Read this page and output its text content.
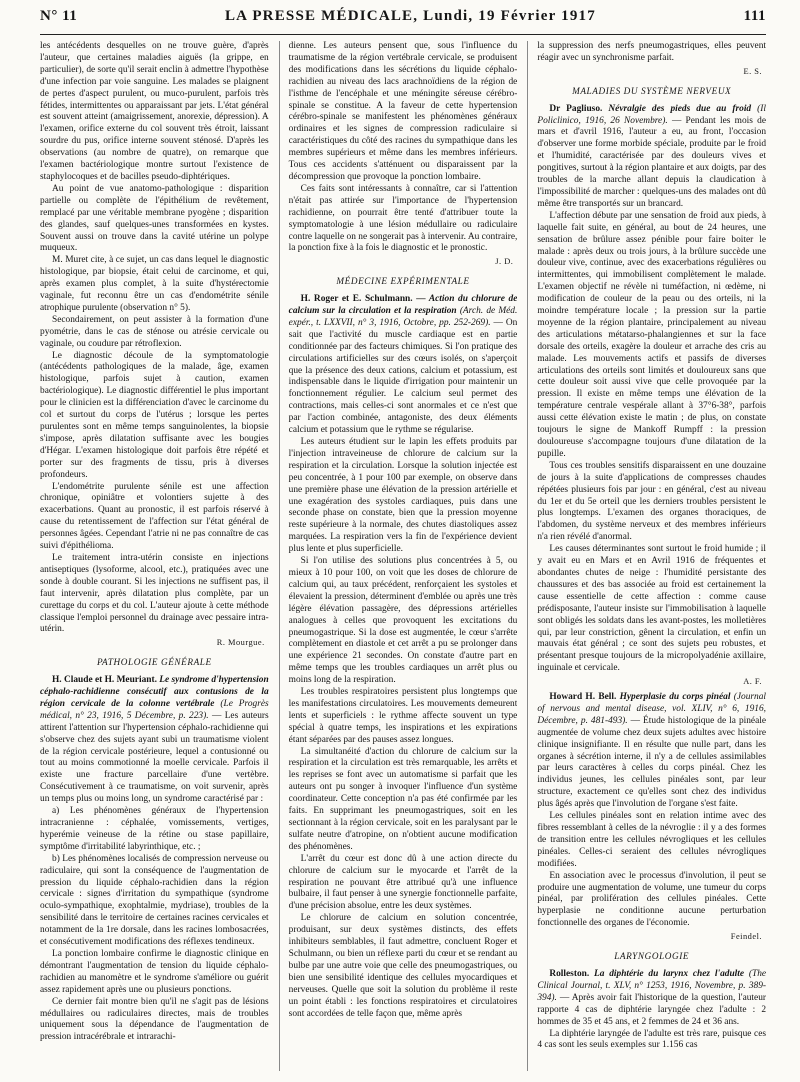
N° 11	LA PRESSE MÉDICALE, Lundi, 19 Février 1917	111

les antécédents desquelles on ne trouve guère, d'après l'auteur, que certaines maladies aiguës (la grippe, en particulier), de sorte qu'il serait enclin à admettre l'hypothèse d'une infection par voie sanguine. Les malades se plaignent de pertes d'aspect purulent, ou muco-purulent, parfois très fétides, intermittentes ou apparaissant par jets. L'état général est souvent atteint (amaigrissement, anorexie, dépression). A l'examen, orifice externe du col souvent très étroit, laissant sourdre du pus, orifice interne souvent sténosé. D'après les observations (au nombre de quatre), on remarque que l'examen bactériologique montre surtout l'existence de staphylocoques et de bacilles pseudo-diphtériques.

Au point de vue anatomo-pathologique : disparition partielle ou complète de l'épithélium de revêtement, remplacé par une véritable membrane pyogène ; disparition des glandes, sauf quelques-unes transformées en kystes. Souvent aussi on trouve dans la cavité utérine un polype muqueux.

M. Muret cite, à ce sujet, un cas dans lequel le diagnostic histologique, par biopsie, était celui de carcinome, et qui, après examen plus complet, à la suite d'hystérectomie vaginale, fut reconnu être un cas d'endométrite sénile atrophique purulente (observation n° 5).

Secondairement, on peut assister à la formation d'une pyométrie, dans le cas de sténose ou atrésie cervicale ou vaginale, ou coudure par rétroflexion.

Le diagnostic découle de la symptomatologie (antécédents pathologiques de la malade, âge, examen histologique, parfois sujet à caution, examen bactériologique). Le diagnostic différentiel le plus important pour le clinicien est la différenciation d'avec le carcinome du col et surtout du corps de l'utérus ; lorsque les pertes purulentes sont en même temps sanguinolentes, la biopsie s'impose, après dilatation suffisante avec les bougies d'Hégar. L'examen histologique doit parfois être répété et porter sur des fragments de tissu, pris à diverses profondeurs.

L'endométrite purulente sénile est une affection chronique, opiniâtre et volontiers sujette à des exacerbations. Quant au pronostic, il est parfois réservé à cause du retentissement de l'affection sur l'état général de personnes âgées. Cependant l'atrie ni ne pas connaître de cas suivi d'épithélioma.

Le traitement intra-utérin consiste en injections antiseptiques (lysoforme, alcool, etc.), pratiquées avec une sonde à double courant. Si les injections ne suffisent pas, il faut intervenir, après dilatation plus complète, par un curettage du corps et du col. L'auteur ajoute à cette méthode classique l'emploi personnel du drainage avec pessaire intra-utérin.

R. Mourgue.
PATHOLOGIE GÉNÉRALE

H. Claude et H. Meuriant. Le syndrome d'hypertension céphalo-rachidienne consécutif aux contusions de la région cervicale de la colonne vertébrale (Le Progrès médical, n° 23, 1916, 5 Décembre, p. 223). — Les auteurs attirent l'attention sur l'hypertension céphalo-rachidienne qui s'observe chez des sujets ayant subi un traumatisme violent de la région cervicale postérieure, lequel a contusionné ou tout au moins commotionné la moelle cervicale. Parfois il existe une fracture parcellaire d'une vertèbre. Consécutivement à ce traumatisme, on voit survenir, après un temps plus ou moins long, un syndrome caractérisé par :

a) Les phénomènes généraux de l'hypertension intracranienne : céphalée, vomissements, vertiges, hyperémie veineuse de la rétine ou stase papillaire, symptôme d'irritabilité labyrinthique, etc. ;

b) Les phénomènes localisés de compression nerveuse ou radiculaire, qui sont la conséquence de l'augmentation de pression du liquide céphalo-rachidien dans la région cervicale : signes d'irritation du sympathique (syndrome oculo-sympathique, exophtalmie, mydriase), troubles de la sensibilité dans le territoire de certaines racines cervicales et notamment de la 1re dorsale, dans les racines lombosacrées, et consécutivement modifications des réflexes tendineux.

La ponction lombaire confirme le diagnostic clinique en démontrant l'augmentation de tension du liquide céphalo-rachidien au manomètre et le syndrome s'améliore ou guérit assez rapidement après une ou plusieurs ponctions.

Ce dernier fait montre bien qu'il ne s'agit pas de lésions médullaires ou radiculaires directes, mais de troubles uniquement sous la dépendance de l'augmentation de pression intracérébrale et intrarachi-

dienne. Les auteurs pensent que, sous l'influence du traumatisme de la région vertébrale cervicale, se produisent des modifications dans les sécrétions du liquide céphalo-rachidien au niveau des lacs arachnoïdiens de la région de l'isthme de l'encéphale et une méningite séreuse cérébro-spinale se constitue. A la faveur de cette hypertension cérébro-spinale se manifestent les phénomènes généraux ordinaires et les signes de compression radiculaire si caractéristiques du côté des racines du sympathique dans les membres supérieurs et même dans les membres inférieurs. Tous ces accidents s'atténuent ou disparaissent par la décompression que provoque la ponction lombaire.

Ces faits sont intéressants à connaître, car si l'attention n'était pas attirée sur l'importance de l'hypertension rachidienne, on pourrait être tenté d'attribuer toute la symptomatologie à une lésion médullaire ou radiculaire contre laquelle on ne songerait pas à intervenir. Au contraire, la ponction fixe à la fois le diagnostic et le pronostic.

J. D.
MÉDECINE EXPÉRIMENTALE

H. Roger et E. Schulmann. — Action du chlorure de calcium sur la circulation et la respiration (Arch. de Méd. expér., t. LXXVII, n° 3, 1916, Octobre, pp. 252-269). — On sait que l'activité du muscle cardiaque est en partie conditionnée par des facteurs chimiques. Si l'on pratique des circulations artificielles sur des cœurs isolés, on s'aperçoit que la présence des deux cations, calcium et potassium, est indispensable dans le liquide d'irrigation pour maintenir un fonctionnement régulier. Le calcium seul permet des contractions, mais celles-ci sont anormales et ce n'est que par l'action combinée, antagoniste, des deux éléments calcium et potassium que le rythme se régularise.

Les auteurs étudient sur le lapin les effets produits par l'injection intraveineuse de chlorure de calcium sur la respiration et la circulation. Lorsque la solution injectée est peu concentrée, à 1 pour 100 par exemple, on observe dans une première phase une élévation de la pression artérielle et une exagération des systoles cardiaques, puis dans une seconde phase on constate, bien que la pression moyenne reste supérieure à la normale, des chutes diastoliques assez marquées. La respiration vers la fin de l'expérience devient plus lente et plus superficielle.

Si l'on utilise des solutions plus concentrées à 5, ou mieux à 10 pour 100, on voit que les doses de chlorure de calcium qui, au taux précédent, renforçaient les systoles et élevaient la pression, déterminent d'emblée ou après une très légère élévation passagère, des dépressions artérielles analogues à celles que provoquent les excitations du pneumogastrique. Si la dose est augmentée, le cœur s'arrête complètement en diastole et cet arrêt a pu se prolonger dans une expérience 21 secondes. On constate d'autre part en même temps que les troubles cardiaques un arrêt plus ou moins long de la respiration.

Les troubles respiratoires persistent plus longtemps que les manifestations circulatoires. Les mouvements demeurent lents et superficiels : le rythme affecte souvent un type spécial à quatre temps, les inspirations et les expirations étant séparées par des pauses assez longues.

La simultanéité d'action du chlorure de calcium sur la respiration et la circulation est très remarquable, les arrêts et les reprises se font avec un automatisme si parfait que les auteurs ont pu songer à invoquer l'influence d'un système coordinateur. Cette conception n'a pas été confirmée par les faits. En supprimant les pneumogastriques, soit en les sectionnant à la région cervicale, soit en les paralysant par le sulfate neutre d'atropine, on n'obtient aucune modification des phénomènes.

L'arrêt du cœur est donc dû à une action directe du chlorure de calcium sur le myocarde et l'arrêt de la respiration ne pouvant être attribué qu'à une influence bulbaire, il faut penser à une synergie fonctionnelle parfaite, d'une précision absolue, entre les deux systèmes.

Le chlorure de calcium en solution concentrée, produisant, sur deux systèmes distincts, des effets inhibiteurs semblables, il faut admettre, concluent Roger et Schulmann, ou bien un réflexe parti du cœur et se rendant au bulbe par une autre voie que celle des pneumogastriques, ou bien une sensibilité identique des cellules myocardiques et nerveuses. Quelle que soit la solution du problème il reste un point établi : les fonctions respiratoires et circulatoires sont accordées de telle façon que, même après

la suppression des nerfs pneumogastriques, elles peuvent réagir avec un synchronisme parfait.

E. S.
MALADIES DU SYSTÈME NERVEUX

Dr Pagliuso. Névralgie des pieds due au froid (Il Policlinico, 1916, 26 Novembre). — Pendant les mois de mars et d'avril 1916, l'auteur a eu, au front, l'occasion d'observer une forme morbide spéciale, produite par le froid et l'humidité, caractérisée par des douleurs vives et pongitives, surtout à la région plantaire et aux doigts, par des troubles de la marche allant depuis la claudication à l'impossibilité de marcher : quelques-uns des malades ont dû même être transportés sur un brancard.

L'affection débute par une sensation de froid aux pieds, à laquelle fait suite, en général, au bout de 24 heures, une sensation de brûlure assez pénible pour faire boiter le malade : après deux ou trois jours, à la brûlure succède une douleur vive, continue, avec des exacerbations régulières ou intermittentes, qui immobilisent complètement le malade. L'examen objectif ne révèle ni tuméfaction, ni œdème, ni modification de couleur de la peau ou des orteils, ni la moindre température locale ; la pression sur la partie moyenne de la région plantaire, principalement au niveau des articulations métatarso-phalangiennes et sur la face dorsale des orteils, exagère la douleur et arrache des cris au malade. Les mouvements actifs et passifs de diverses articulations des orteils sont limités et douloureux sans que cette douleur soit aussi vive que celle provoquée par la pression. Il existe en même temps une élévation de la température centrale vespérale allant à 37°6-38°, parfois aussi cette élévation existe le matin ; de plus, on constate toujours le signe de Mankoff Rumpff : la pression douloureuse s'accompagne toujours d'une dilatation de la pupille.

Tous ces troubles sensitifs disparaissent en une douzaine de jours à la suite d'applications de compresses chaudes répétées plusieurs fois par jour : en général, c'est au niveau du 1er et du 5e orteil que les derniers troubles persistent le plus longtemps. L'examen des organes thoraciques, de l'abdomen, du système nerveux et des membres inférieurs n'a rien révélé d'anormal.

Les causes déterminantes sont surtout le froid humide ; il y avait eu en Mars et en Avril 1916 de fréquentes et abondantes chutes de neige : l'humidité persistante des chaussures et des bas associée au froid est certainement la cause essentielle de cette affection : comme cause prédisposante, l'auteur insiste sur l'immobilisation à laquelle sont obligés les soldats dans les avant-postes, les molletières qui, par leur constriction, gênent la circulation, et enfin un mauvais état général ; ce sont des sujets peu robustes, et présentant presque toujours de la micropolyadénie axillaire, inguinale et cervicale.

A. F.

Howard H. Bell. Hyperplasie du corps pinéal (Journal of nervous and mental disease, vol. XLIV, n° 6, 1916, Décembre, p. 481-493). — Étude histologique de la pinéale augmentée de volume chez deux sujets adultes avec histoire clinique insignifiante. Il en résulte que nulle part, dans les organes à sécrétion interne, il n'y a de cellules assimilables par leurs caractères à celles du corps pinéal. Chez les individus jeunes, les cellules pinéales sont, par leur structure, exactement ce qu'elles sont chez des individus plus âgés après que l'involution de l'organe s'est faite.

Les cellules pinéales sont en relation intime avec des fibres ressemblant à celles de la névroglie : il y a des formes de transition entre les cellules névrogliques et les cellules pinéales. Celles-ci seraient des cellules névrogliques modifiées.

En association avec le processus d'involution, il peut se produire une augmentation de volume, une tumeur du corps pinéal, par prolifération des cellules pinéales. Cette hyperplasie ne conditionne aucune perturbation fonctionnelle des organes de l'économie.

Feindel.
LARYNGOLOGIE

Rolleston. La diphtérie du larynx chez l'adulte (The Clinical Journal, t. XLV, n° 1253, 1916, Novembre, p. 389-394). — Après avoir fait l'historique de la question, l'auteur rapporte 4 cas de diphtérie laryngée chez l'adulte : 2 hommes de 35 et 45 ans, et 2 femmes de 24 et 36 ans.

La diphtérie laryngée de l'adulte est très rare, puisque ces 4 cas sont les seuls exemples sur 1.156 cas
